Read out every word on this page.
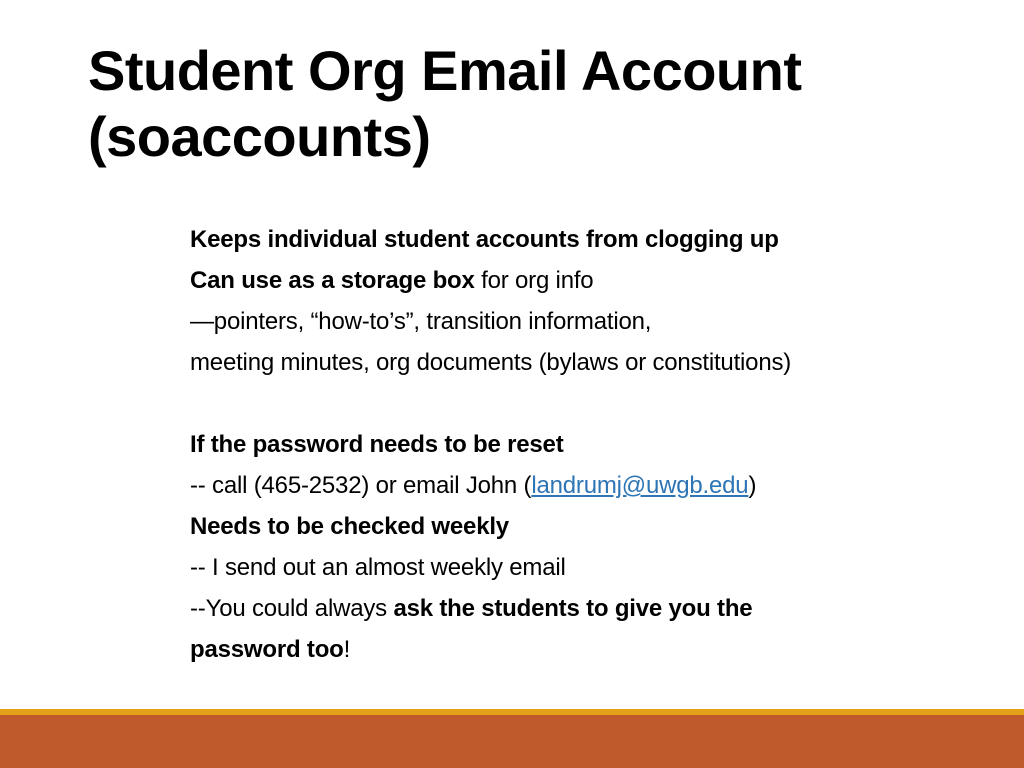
Student Org Email Account
(soaccounts)
Keeps individual student accounts from clogging up
Can use as a storage box for org info
—pointers, “how-to’s”, transition information,
meeting minutes, org documents (bylaws or constitutions)
If the password needs to be reset
-- call (465-2532) or email John (landrumj@uwgb.edu)
Needs to be checked weekly
-- I send out an almost weekly email
--You could always ask the students to give you the
password too!
